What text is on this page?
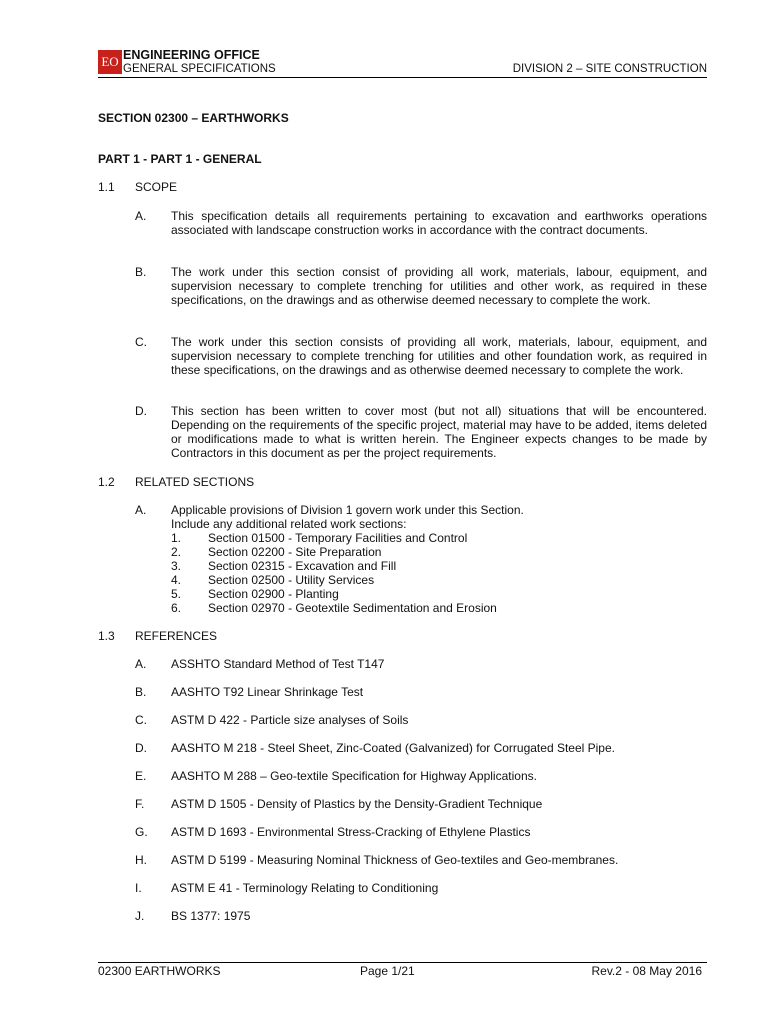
EO ENGINEERING OFFICE
GENERAL SPECIFICATIONS	DIVISION 2 – SITE CONSTRUCTION
SECTION 02300 – EARTHWORKS
PART 1 - PART 1 - GENERAL
1.1 SCOPE
A. This specification details all requirements pertaining to excavation and earthworks operations associated with landscape construction works in accordance with the contract documents.
B. The work under this section consist of providing all work, materials, labour, equipment, and supervision necessary to complete trenching for utilities and other work, as required in these specifications, on the drawings and as otherwise deemed necessary to complete the work.
C. The work under this section consists of providing all work, materials, labour, equipment, and supervision necessary to complete trenching for utilities and other foundation work, as required in these specifications, on the drawings and as otherwise deemed necessary to complete the work.
D. This section has been written to cover most (but not all) situations that will be encountered. Depending on the requirements of the specific project, material may have to be added, items deleted or modifications made to what is written herein. The Engineer expects changes to be made by Contractors in this document as per the project requirements.
1.2 RELATED SECTIONS
A. Applicable provisions of Division 1 govern work under this Section.
Include any additional related work sections:
1. Section 01500 - Temporary Facilities and Control
2. Section 02200 - Site Preparation
3. Section 02315 - Excavation and Fill
4. Section 02500 - Utility Services
5. Section 02900 - Planting
6. Section 02970 - Geotextile Sedimentation and Erosion
1.3 REFERENCES
A. ASSHTO Standard Method of Test T147
B. AASHTO T92 Linear Shrinkage Test
C. ASTM D 422 - Particle size analyses of Soils
D. AASHTO M 218 - Steel Sheet, Zinc-Coated (Galvanized) for Corrugated Steel Pipe.
E. AASHTO M 288 – Geo-textile Specification for Highway Applications.
F. ASTM D 1505 - Density of Plastics by the Density-Gradient Technique
G. ASTM D 1693 - Environmental Stress-Cracking of Ethylene Plastics
H. ASTM D 5199 - Measuring Nominal Thickness of Geo-textiles and Geo-membranes.
I. ASTM E 41 - Terminology Relating to Conditioning
J. BS 1377: 1975
02300 EARTHWORKS	Page 1/21	Rev.2 - 08 May 2016
